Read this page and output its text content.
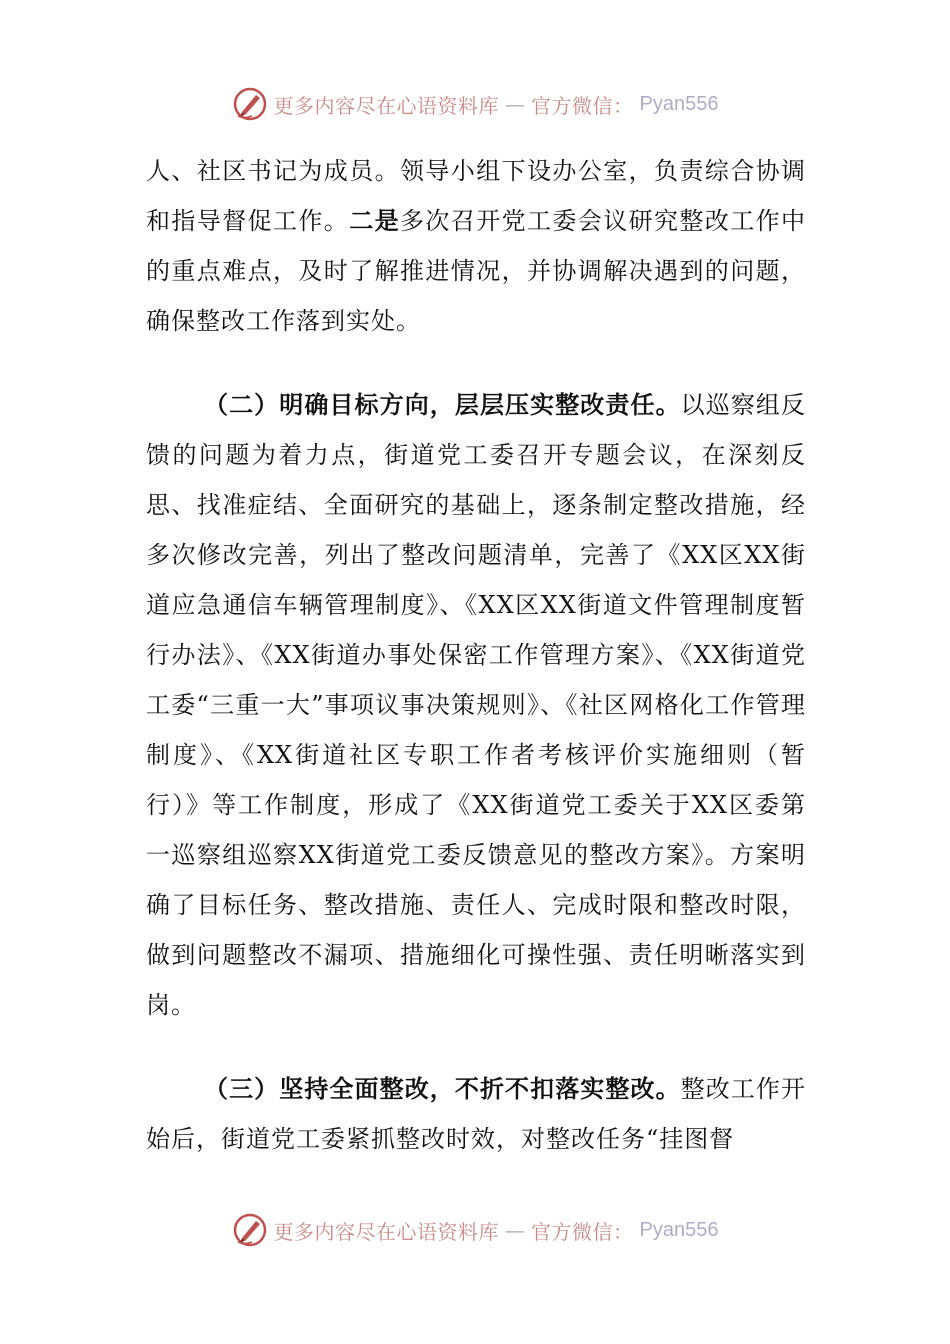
更多内容尽在心语资料库 — 官方微信： Pyan556

人、社区书记为成员。领导小组下设办公室，负责综合协调和指导督促工作。二是多次召开党工委会议研究整改工作中的重点难点，及时了解推进情况，并协调解决遇到的问题，确保整改工作落到实处。

（二）明确目标方向，层层压实整改责任。以巡察组反馈的问题为着力点，街道党工委召开专题会议，在深刻反思、找准症结、全面研究的基础上，逐条制定整改措施，经多次修改完善，列出了整改问题清单，完善了《XX区XX街道应急通信车辆管理制度》、《XX区XX街道文件管理制度暂行办法》、《XX街道办事处保密工作管理方案》、《XX街道党工委“三重一大”事项议事决策规则》、《社区网格化工作管理制度》、《XX街道社区专职工作者考核评价实施细则（暂行）》等工作制度，形成了《XX街道党工委关于XX区委第一巡察组巡察XX街道党工委反馈意见的整改方案》。方案明确了目标任务、整改措施、责任人、完成时限和整改时限，做到问题整改不漏项、措施细化可操性强、责任明晰落实到岗。

（三）坚持全面整改，不折不扣落实整改。整改工作开始后，街道党工委紧抓整改时效，对整改任务“挂图督

更多内容尽在心语资料库 — 官方微信： Pyan556
